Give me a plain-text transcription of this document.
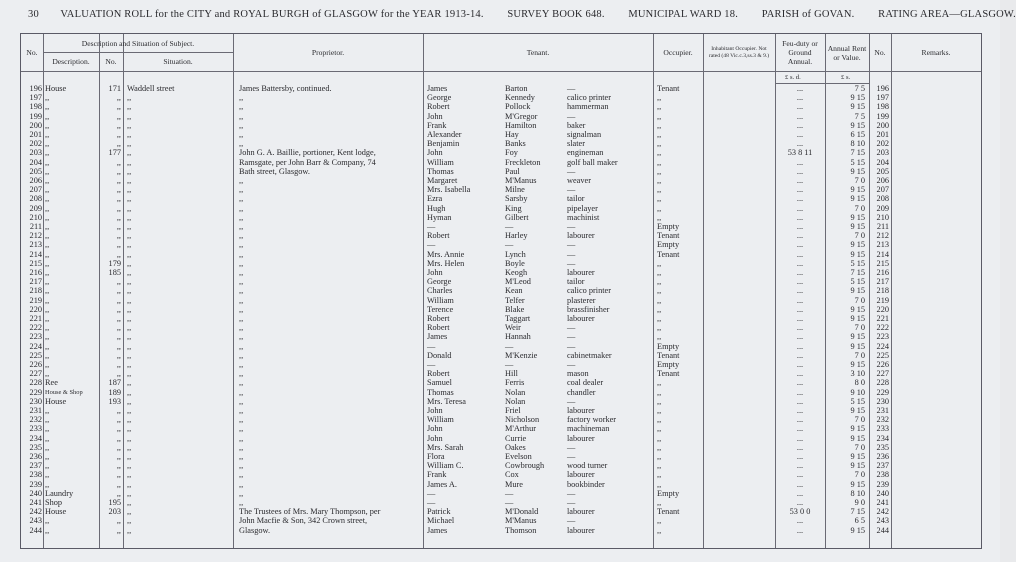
30 VALUATION ROLL for the CITY and ROYAL BURGH of GLASGOW for the YEAR 1913-14. SURVEY BOOK 648. MUNICIPAL WARD 18. PARISH of GOVAN. RATING AREA—GLASGOW.
No.
Description and Situation of Subject.
Description.	No.	Situation.
Proprietor.	Tenant.	Occupier.	Inhabitant Occupier. Not rated (48 Vic.c.3,ss.3 & 9.)
Feu-duty or Ground Annual.
Annual Rent or Value.	No.	Remarks.
£ s. d.	£ s.
196 House	171 Waddell street	James Battersby, continued.	James	Barton	—	Tenant	...	7 5	196
197 ,,	,, ,,	,,	George	Kennedy	calico printer	,,	...	9 15	197
198 ,,	,, ,,	,,	Robert	Pollock	hammerman	,,	...	9 15	198
199 ,,	,, ,,	,,	John	M'Gregor	—	,,	...	7 5	199
200 ,,	,, ,,	,,	Frank	Hamilton	baker	,,	...	9 15	200
201 ,,	,, ,,	,,	Alexander	Hay	signalman	,,	...	6 15	201
202 ,,	,, ,,	,,	Benjamin	Banks	slater	,,	...	8 10	202
203 ,,	177 ,,	John G. A. Baillie, portioner, Kent lodge,	John	Foy	engineman	,,	53 8 11	7 15	203
204 ,,	,, ,,	Ramsgate, per John Barr & Company, 74	William	Freckleton	golf ball maker	,,	...	5 15	204
205 ,,	,, ,,	Bath street, Glasgow.	Thomas	Paul	—	,,	...	9 15	205
206 ,,	,, ,,	,,	Margaret	M'Manus	weaver	,,	...	7 0	206
207 ,,	,, ,,	,,	Mrs. Isabella	Milne	—	,,	...	9 15	207
208 ,,	,, ,,	,,	Ezra	Sarsby	tailor	,,	...	9 15	208
209 ,,	,, ,,	,,	Hugh	King	pipelayer	,,	...	7 0	209
210 ,,	,, ,,	,,	Hyman	Gilbert	machinist	,,	...	9 15	210
211 ,,	,, ,,	,,	—	—	—	Empty	...	9 15	211
212 ,,	,, ,,	,,	Robert	Harley	labourer	Tenant	...	7 0	212
213 ,,	,, ,,	,,	—	—	—	Empty	...	9 15	213
214 ,,	,, ,,	,,	Mrs. Annie	Lynch	—	Tenant	...	9 15	214
215 ,,	179 ,,	,,	Mrs. Helen	Boyle	—	,,	...	5 15	215
216 ,,	185 ,,	,,	John	Keogh	labourer	,,	...	7 15	216
217 ,,	,, ,,	,,	George	M'Leod	tailor	,,	...	5 15	217
218 ,,	,, ,,	,,	Charles	Kean	calico printer	,,	...	9 15	218
219 ,,	,, ,,	,,	William	Telfer	plasterer	,,	...	7 0	219
220 ,,	,, ,,	,,	Terence	Blake	brassfinisher	,,	...	9 15	220
221 ,,	,, ,,	,,	Robert	Taggart	labourer	,,	...	9 15	221
222 ,,	,, ,,	,,	Robert	Weir	—	,,	...	7 0	222
223 ,,	,, ,,	,,	James	Hannah	—	,,	...	9 15	223
224 ,,	,, ,,	,,	—	—	—	Empty	...	9 15	224
225 ,,	,, ,,	,,	Donald	M'Kenzie	cabinetmaker	Tenant	...	7 0	225
226 ,,	,, ,,	,,	—	—	—	Empty	...	9 15	226
227 ,,	,, ,,	,,	Robert	Hill	mason	Tenant	...	3 10	227
228 Ree	187 ,,	,,	Samuel	Ferris	coal dealer	,,	...	8 0	228
229 House & Shop	189 ,,	,,	Thomas	Nolan	chandler	,,	...	9 10	229
230 House	193 ,,	,,	Mrs. Teresa	Nolan	—	,,	...	5 15	230
231 ,,	,, ,,	,,	John	Friel	labourer	,,	...	9 15	231
232 ,,	,, ,,	,,	William	Nicholson	factory worker	,,	...	7 0	232
233 ,,	,, ,,	,,	John	M'Arthur	machineman	,,	...	9 15	233
234 ,,	,, ,,	,,	John	Currie	labourer	,,	...	9 15	234
235 ,,	,, ,,	,,	Mrs. Sarah	Oakes	—	,,	...	7 0	235
236 ,,	,, ,,	,,	Flora	Evelson	—	,,	...	9 15	236
237 ,,	,, ,,	,,	William C.	Cowbrough	wood turner	,,	...	9 15	237
238 ,,	,, ,,	,,	Frank	Cox	labourer	,,	...	7 0	238
239 ,,	,, ,,	,,	James A.	Mure	bookbinder	,,	...	9 15	239
240 Laundry	,, ,,	,,	—	—	—	Empty	...	8 10	240
241 Shop	195 ,,	,,	—	—	—	,,	...	9 0	241
242 House	203 ,,	The Trustees of Mrs. Mary Thompson, per	Patrick	M'Donald	labourer	Tenant	53 0 0	7 15	242
243 ,,	,, ,,	John Macfie & Son, 342 Crown street,	Michael	M'Manus	—	,,	...	6 5	243
244 ,,	,, ,,	Glasgow.	James	Thomson	labourer	,,	...	9 15	244
